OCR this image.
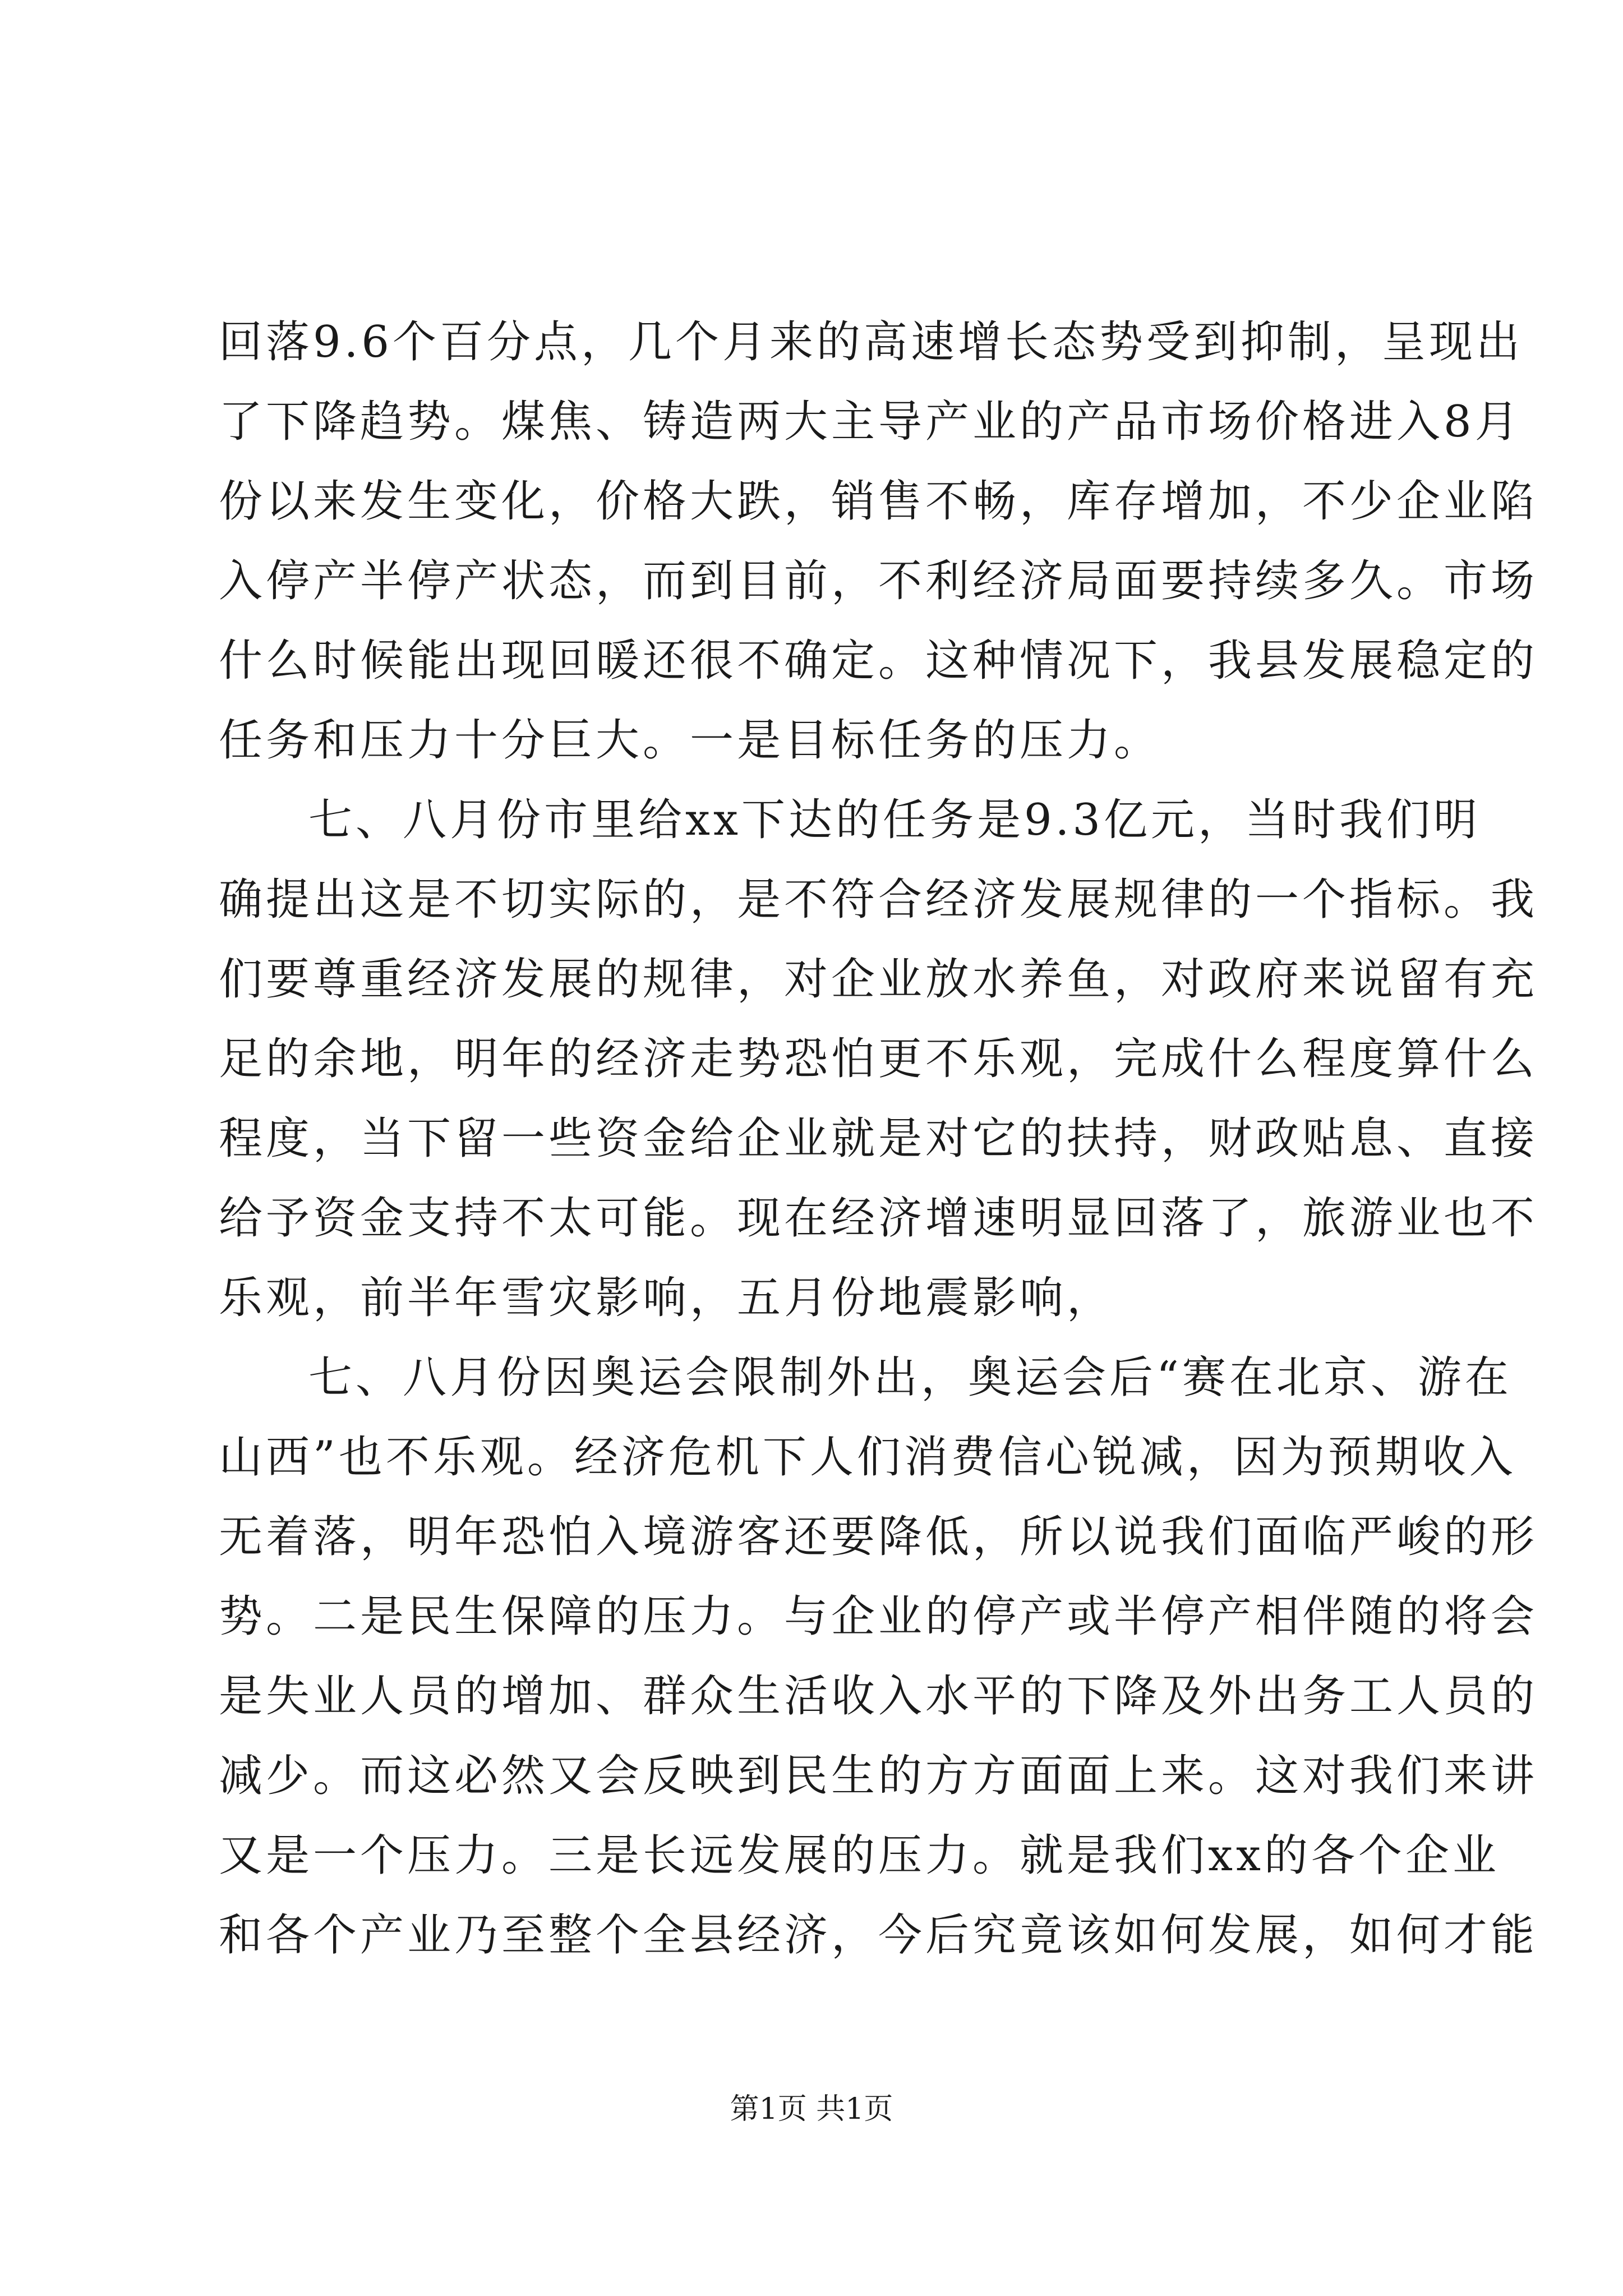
回落9.6个百分点，几个月来的高速增长态势受到抑制，呈现出
了下降趋势。煤焦、铸造两大主导产业的产品市场价格进入8月
份以来发生变化，价格大跌，销售不畅，库存增加，不少企业陷
入停产半停产状态，而到目前，不利经济局面要持续多久。市场
什么时候能出现回暖还很不确定。这种情况下，我县发展稳定的
任务和压力十分巨大。一是目标任务的压力。
七、八月份市里给xx下达的任务是9.3亿元，当时我们明
确提出这是不切实际的，是不符合经济发展规律的一个指标。我
们要尊重经济发展的规律，对企业放水养鱼，对政府来说留有充
足的余地，明年的经济走势恐怕更不乐观，完成什么程度算什么
程度，当下留一些资金给企业就是对它的扶持，财政贴息、直接
给予资金支持不太可能。现在经济增速明显回落了，旅游业也不
乐观，前半年雪灾影响，五月份地震影响，
七、八月份因奥运会限制外出，奥运会后“赛在北京、游在
山西”也不乐观。经济危机下人们消费信心锐减，因为预期收入
无着落，明年恐怕入境游客还要降低，所以说我们面临严峻的形
势。二是民生保障的压力。与企业的停产或半停产相伴随的将会
是失业人员的增加、群众生活收入水平的下降及外出务工人员的
减少。而这必然又会反映到民生的方方面面上来。这对我们来讲
又是一个压力。三是长远发展的压力。就是我们xx的各个企业
和各个产业乃至整个全县经济，今后究竟该如何发展，如何才能
第1页 共1页
